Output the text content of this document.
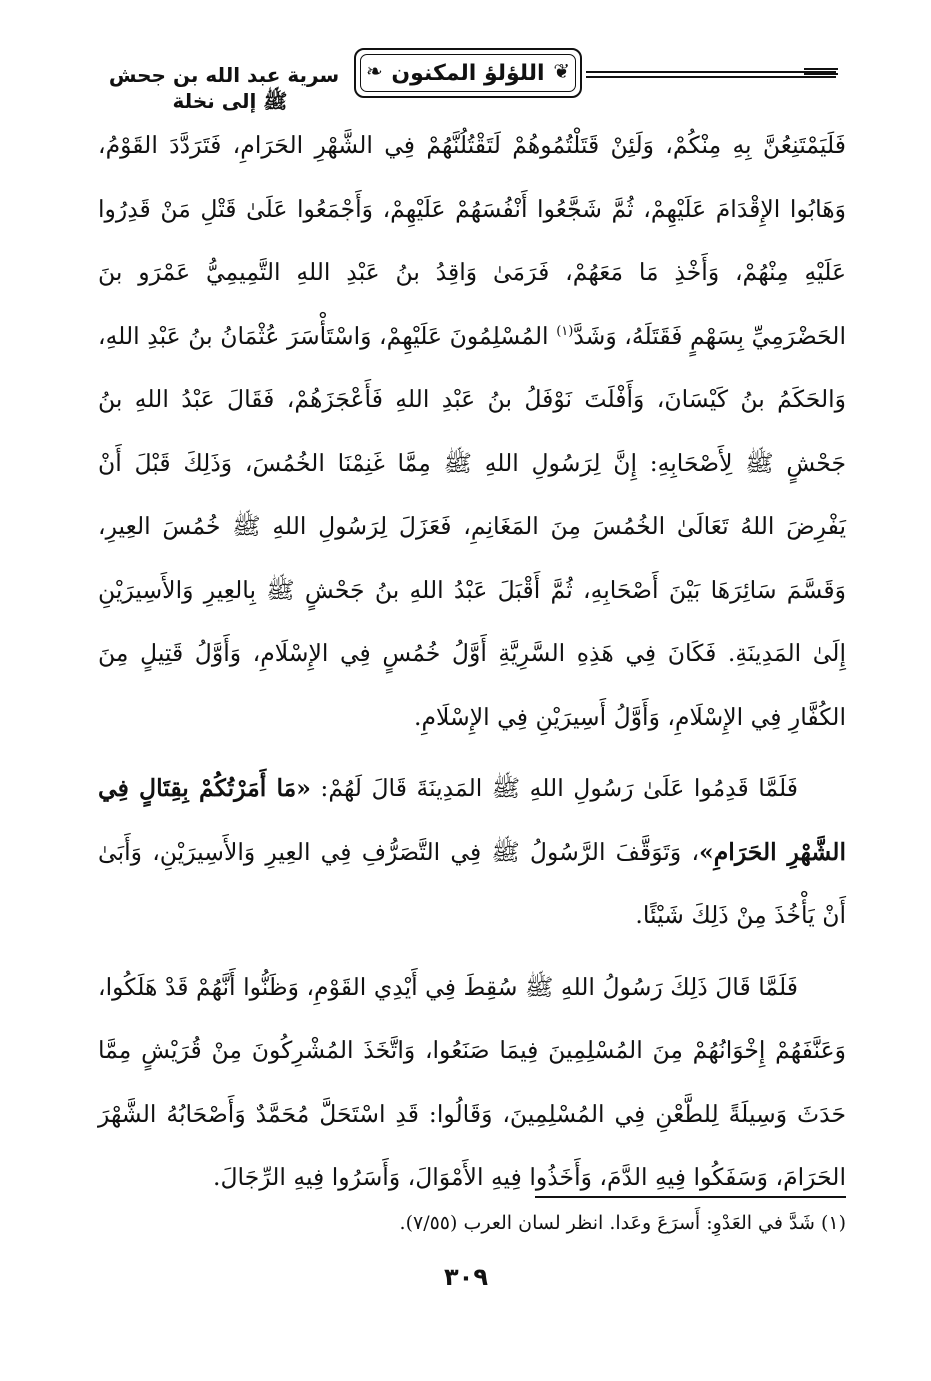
❦
اللؤلؤ المكنون
❧
سرية عبد الله بن جحش ﷺ إلى نخلة

فَلَيَمْتَنِعُنَّ بِهِ مِنْكُمْ، وَلَئِنْ قَتَلْتُمُوهُمْ لَتَقْتُلُنَّهُمْ فِي الشَّهْرِ الحَرَامِ، فَتَرَدَّدَ القَوْمُ، وَهَابُوا الإِقْدَامَ عَلَيْهِمْ، ثُمَّ شَجَّعُوا أَنْفُسَهُمْ عَلَيْهِمْ، وَأَجْمَعُوا عَلَىٰ قَتْلِ مَنْ قَدِرُوا عَلَيْهِ مِنْهُمْ، وَأَخْذِ مَا مَعَهُمْ، فَرَمَىٰ وَاقِدُ بنُ عَبْدِ اللهِ التَّمِيمِيُّ عَمْرَو بنَ الحَضْرَمِيِّ بِسَهْمٍ فَقَتَلَهُ، وَشَدَّ$^{(١)}$ المُسْلِمُونَ عَلَيْهِمْ، وَاسْتَأْسَرَ عُثْمَانُ بنُ عَبْدِ اللهِ، وَالحَكَمُ بنُ كَيْسَانَ، وَأَفْلَتَ نَوْفَلُ بنُ عَبْدِ اللهِ فَأَعْجَزَهُمْ، فَقَالَ عَبْدُ اللهِ بنُ جَحْشٍ ﷺ لِأَصْحَابِهِ: إِنَّ لِرَسُولِ اللهِ ﷺ مِمَّا غَنِمْنَا الخُمُسَ، وَذَلِكَ قَبْلَ أَنْ يَفْرِضَ اللهُ تَعَالَىٰ الخُمُسَ مِنَ المَغَانِمِ، فَعَزَلَ لِرَسُولِ اللهِ ﷺ خُمُسَ العِيرِ، وَقَسَّمَ سَائِرَهَا بَيْنَ أَصْحَابِهِ، ثُمَّ أَقْبَلَ عَبْدُ اللهِ بنُ جَحْشٍ ﷺ بِالعِيرِ وَالأَسِيرَيْنِ إِلَىٰ المَدِينَةِ. فَكَانَ فِي هَذِهِ السَّرِيَّةِ أَوَّلُ خُمُسٍ فِي الإِسْلَامِ، وَأَوَّلُ قَتِيلٍ مِنَ الكُفَّارِ فِي الإِسْلَامِ، وَأَوَّلُ أَسِيرَيْنِ فِي الإِسْلَامِ.

فَلَمَّا قَدِمُوا عَلَىٰ رَسُولِ اللهِ ﷺ المَدِينَةَ قَالَ لَهُمْ: «مَا أَمَرْتُكُمْ بِقِتَالٍ فِي الشَّهْرِ الحَرَامِ»، وَتَوَقَّفَ الرَّسُولُ ﷺ فِي التَّصَرُّفِ فِي العِيرِ وَالأَسِيرَيْنِ، وَأَبَىٰ أَنْ يَأْخُذَ مِنْ ذَلِكَ شَيْئًا.

فَلَمَّا قَالَ ذَلِكَ رَسُولُ اللهِ ﷺ سُقِطَ فِي أَيْدِي القَوْمِ، وَظَنُّوا أَنَّهُمْ قَدْ هَلَكُوا، وَعَنَّفَهُمْ إِخْوَانُهُمْ مِنَ المُسْلِمِينَ فِيمَا صَنَعُوا، وَاتَّخَذَ المُشْرِكُونَ مِنْ قُرَيْشٍ مِمَّا حَدَثَ وَسِيلَةً لِلطَّعْنِ فِي المُسْلِمِينَ، وَقَالُوا: قَدِ اسْتَحَلَّ مُحَمَّدٌ وَأَصْحَابُهُ الشَّهْرَ الحَرَامَ، وَسَفَكُوا فِيهِ الدَّمَ، وَأَخَذُوا فِيهِ الأَمْوَالَ، وَأَسَرُوا فِيهِ الرِّجَالَ.

(١) شَدَّ في العَدْوِ: أَسرَعَ وعَدا. انظر لسان العرب (٧/٥٥).
٣٠٩
